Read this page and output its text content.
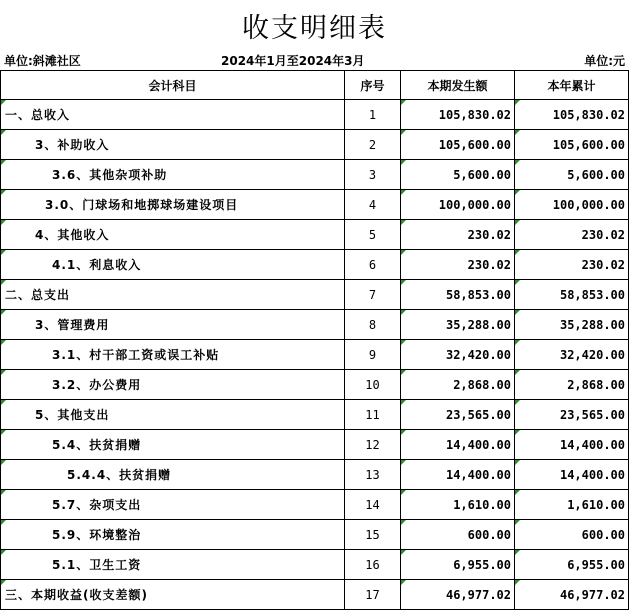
收支明细表
单位:斜滩社区	2024年1月至2024年3月	单位:元
会计科目	序号	本期发生额	本年累计
一、总收入	1	105,830.02	105,830.02
3、补助收入	2	105,600.00	105,600.00
3.6、其他杂项补助	3	5,600.00	5,600.00
3.0、门球场和地掷球场建设项目	4	100,000.00	100,000.00
4、其他收入	5	230.02	230.02
4.1、利息收入	6	230.02	230.02
二、总支出	7	58,853.00	58,853.00
3、管理费用	8	35,288.00	35,288.00
3.1、村干部工资或误工补贴	9	32,420.00	32,420.00
3.2、办公费用	10	2,868.00	2,868.00
5、其他支出	11	23,565.00	23,565.00
5.4、扶贫捐赠	12	14,400.00	14,400.00
5.4.4、扶贫捐赠	13	14,400.00	14,400.00
5.7、杂项支出	14	1,610.00	1,610.00
5.9、环境整治	15	600.00	600.00
5.1、卫生工资	16	6,955.00	6,955.00
三、本期收益(收支差额)	17	46,977.02	46,977.02
